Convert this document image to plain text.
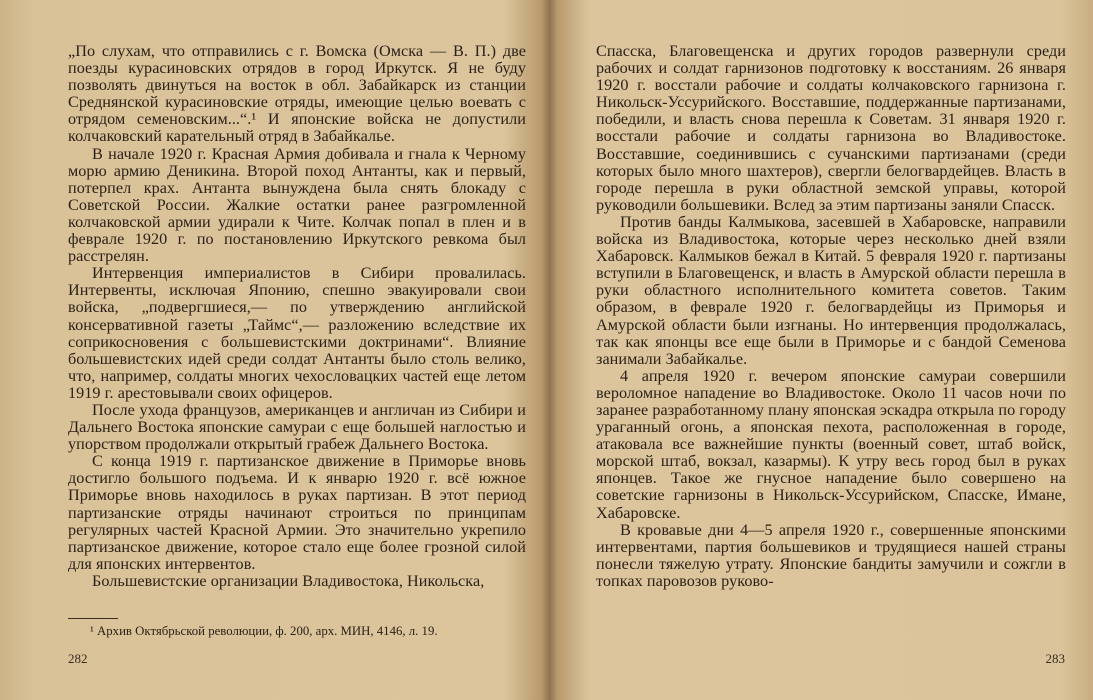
„По слухам, что отправились с г. Вомска (Омска — В. П.) две поезды курасиновских отрядов в город Иркутск. Я не буду позволять двинуться на восток в обл. Забайкарск из станции Среднянской курасиновские отряды, имеющие целью воевать с отрядом семеновским...“.¹ И японские войска не допустили колчаковский карательный отряд в Забайкалье.

В начале 1920 г. Красная Армия добивала и гнала к Черному морю армию Деникина. Второй поход Антанты, как и первый, потерпел крах. Антанта вынуждена была снять блокаду с Советской России. Жалкие остатки ранее разгромленной колчаковской армии удирали к Чите. Колчак попал в плен и в феврале 1920 г. по постановлению Иркутского ревкома был расстрелян.

Интервенция империалистов в Сибири провалилась. Интервенты, исключая Японию, спешно эвакуировали свои войска, „подвергшиеся,— по утверждению английской консервативной газеты „Таймс“,— разложению вследствие их соприкосновения с большевистскими доктринами“. Влияние большевистских идей среди солдат Антанты было столь велико, что, например, солдаты многих чехословацких частей еще летом 1919 г. арестовывали своих офицеров.

После ухода французов, американцев и англичан из Сибири и Дальнего Востока японские самураи с еще большей наглостью и упорством продолжали открытый грабеж Дальнего Востока.

С конца 1919 г. партизанское движение в Приморье вновь достигло большого подъема. И к январю 1920 г. всё южное Приморье вновь находилось в руках партизан. В этот период партизанские отряды начинают строиться по принципам регулярных частей Красной Армии. Это значительно укрепило партизанское движение, которое стало еще более грозной силой для японских интервентов.

Большевистские организации Владивостока, Никольска,

¹ Архив Октябрьской революции, ф. 200, арх. МИН, 4146, л. 19.
282

Спасска, Благовещенска и других городов развернули среди рабочих и солдат гарнизонов подготовку к восстаниям. 26 января 1920 г. восстали рабочие и солдаты колчаковского гарнизона г. Никольск-Уссурийского. Восставшие, поддержанные партизанами, победили, и власть снова перешла к Советам. 31 января 1920 г. восстали рабочие и солдаты гарнизона во Владивостоке. Восставшие, соединившись с сучанскими партизанами (среди которых было много шахтеров), свергли белогвардейцев. Власть в городе перешла в руки областной земской управы, которой руководили большевики. Вслед за этим партизаны заняли Спасск.

Против банды Калмыкова, засевшей в Хабаровске, направили войска из Владивостока, которые через несколько дней взяли Хабаровск. Калмыков бежал в Китай. 5 февраля 1920 г. партизаны вступили в Благовещенск, и власть в Амурской области перешла в руки областного исполнительного комитета советов. Таким образом, в феврале 1920 г. белогвардейцы из Приморья и Амурской области были изгнаны. Но интервенция продолжалась, так как японцы все еще были в Приморье и с бандой Семенова занимали Забайкалье.

4 апреля 1920 г. вечером японские самураи совершили вероломное нападение во Владивостоке. Около 11 часов ночи по заранее разработанному плану японская эскадра открыла по городу ураганный огонь, а японская пехота, расположенная в городе, атаковала все важнейшие пункты (военный совет, штаб войск, морской штаб, вокзал, казармы). К утру весь город был в руках японцев. Такое же гнусное нападение было совершено на советские гарнизоны в Никольск-Уссурийском, Спасске, Имане, Хабаровске.

В кровавые дни 4—5 апреля 1920 г., совершенные японскими интервентами, партия большевиков и трудящиеся нашей страны понесли тяжелую утрату. Японские бандиты замучили и сожгли в топках паровозов руково-

283
